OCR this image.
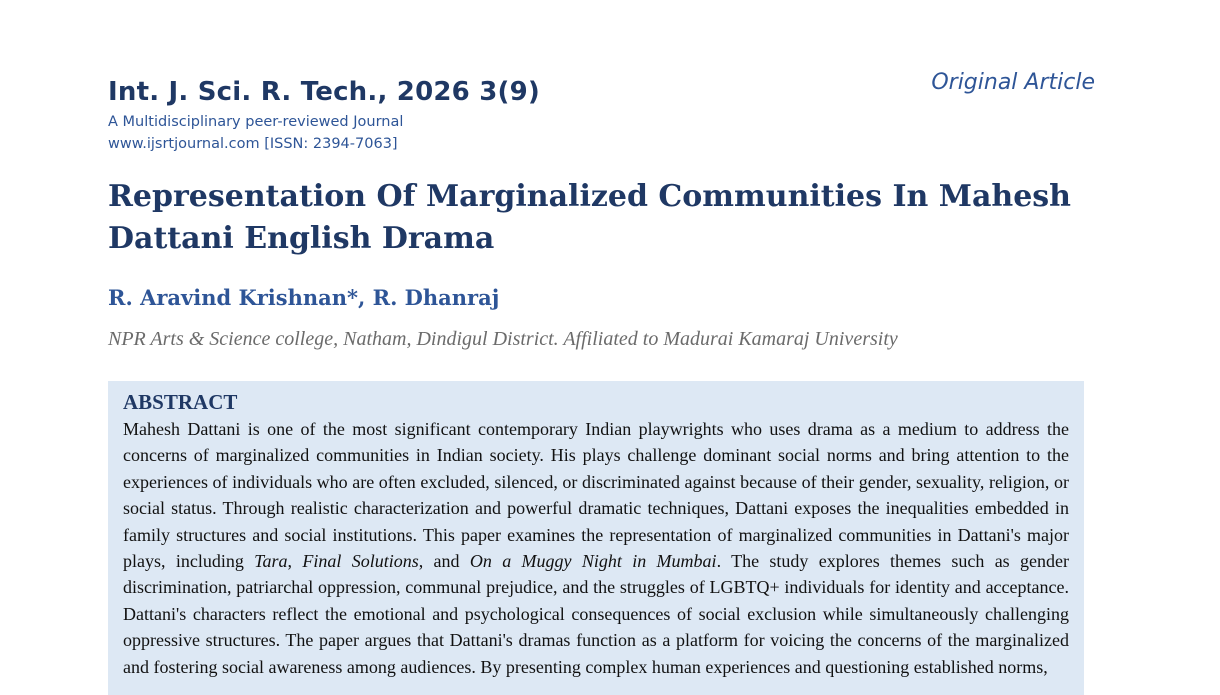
Int. J. Sci. R. Tech., 2026 3(9)
A Multidisciplinary peer-reviewed Journal
www.ijsrtjournal.com [ISSN: 2394-7063]
Original Article
Representation Of Marginalized Communities In Mahesh Dattani English Drama
R. Aravind Krishnan*, R. Dhanraj
NPR Arts & Science college, Natham, Dindigul District. Affiliated to Madurai Kamaraj University
ABSTRACT

Mahesh Dattani is one of the most significant contemporary Indian playwrights who uses drama as a medium to address the concerns of marginalized communities in Indian society. His plays challenge dominant social norms and bring attention to the experiences of individuals who are often excluded, silenced, or discriminated against because of their gender, sexuality, religion, or social status. Through realistic characterization and powerful dramatic techniques, Dattani exposes the inequalities embedded in family structures and social institutions. This paper examines the representation of marginalized communities in Dattani's major plays, including Tara, Final Solutions, and On a Muggy Night in Mumbai. The study explores themes such as gender discrimination, patriarchal oppression, communal prejudice, and the struggles of LGBTQ+ individuals for identity and acceptance. Dattani's characters reflect the emotional and psychological consequences of social exclusion while simultaneously challenging oppressive structures. The paper argues that Dattani's dramas function as a platform for voicing the concerns of the marginalized and fostering social awareness among audiences. By presenting complex human experiences and questioning established norms,
